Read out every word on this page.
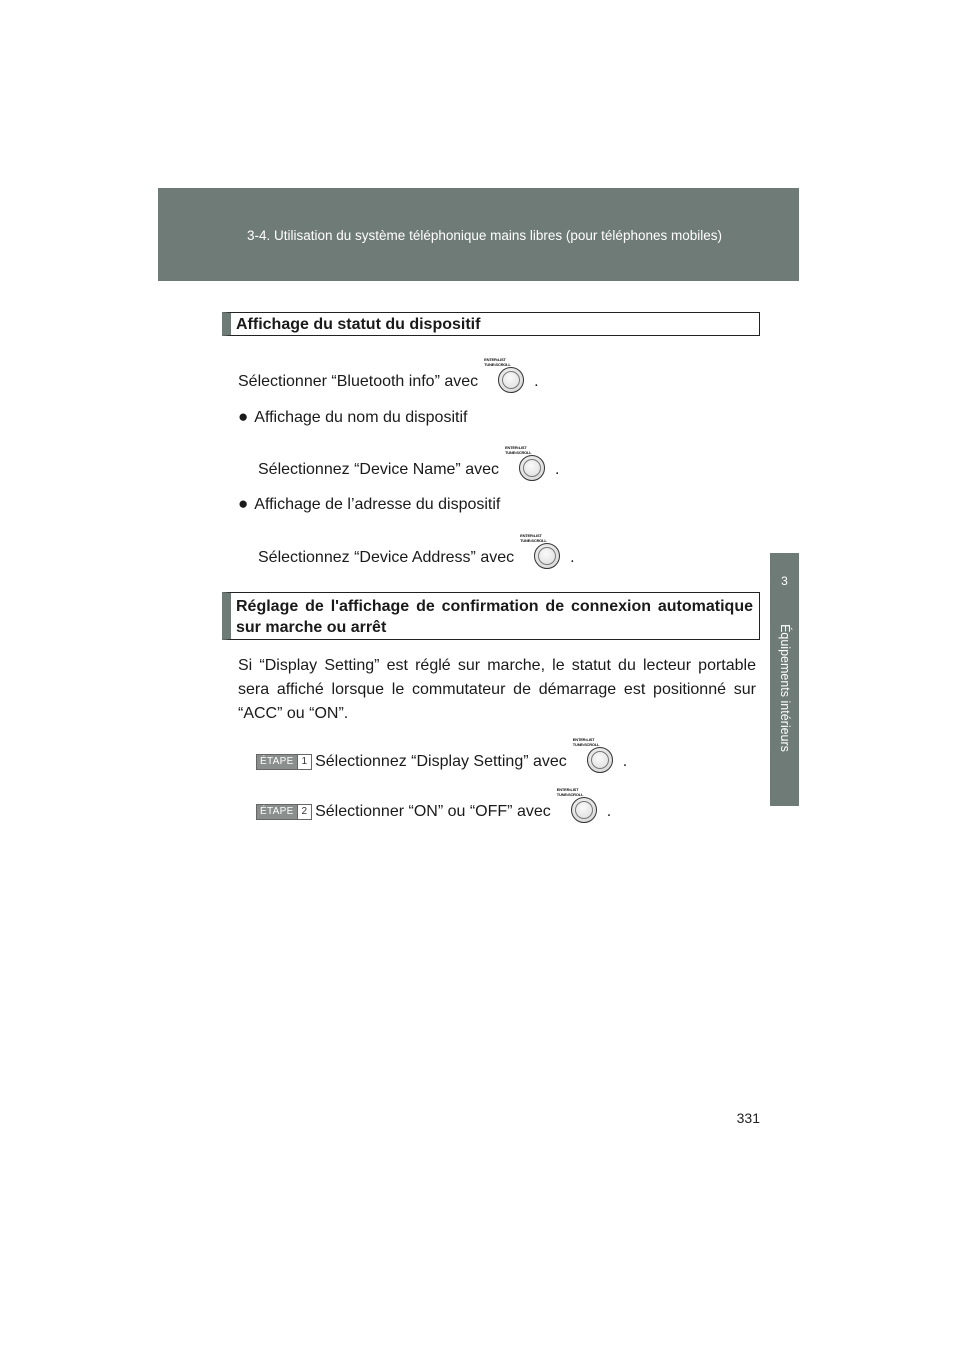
3-4. Utilisation du système téléphonique mains libres (pour téléphones mobiles)
3
Équipements intérieurs
Affichage du statut du dispositif
Sélectionner “Bluetooth info” avec
ENTER•LIST
TUNE•SCROLL
.
● Affichage du nom du dispositif
Sélectionnez “Device Name” avec
ENTER•LIST
TUNE•SCROLL
.
● Affichage de l’adresse du dispositif
Sélectionnez “Device Address” avec
ENTER•LIST
TUNE•SCROLL
.
Réglage de l'affichage de confirmation de connexion automatique sur marche ou arrêt
Si “Display Setting” est réglé sur marche, le statut du lecteur portable sera affiché lorsque le commutateur de démarrage est positionné sur “ACC” ou “ON”.
ÉTAPE 1 Sélectionnez “Display Setting” avec
ENTER•LIST
TUNE•SCROLL
.
ÉTAPE 2 Sélectionner “ON” ou “OFF” avec
ENTER•LIST
TUNE•SCROLL
.
331
